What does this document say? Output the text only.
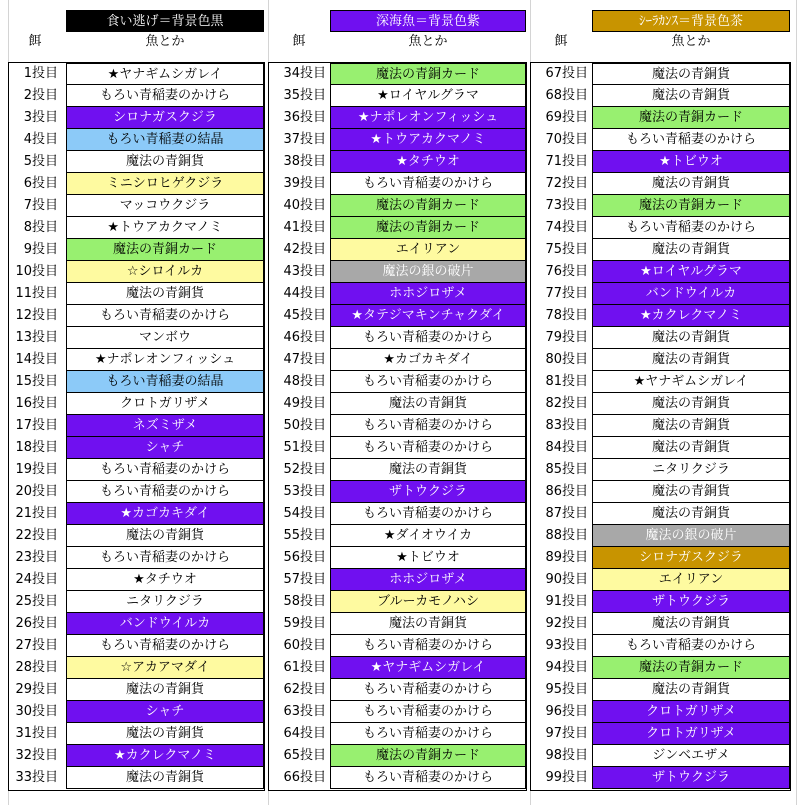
食い逃げ＝背景色黒
餌	魚とか
1投目	★ヤナギムシガレイ
2投目	もろい青稲妻のかけら
3投目	シロナガスクジラ
4投目	もろい青稲妻の結晶
5投目	魔法の青銅貨
6投目	ミニシロヒゲクジラ
7投目	マッコウクジラ
8投目	★トウアカクマノミ
9投目	魔法の青銅カード
10投目	☆シロイルカ
11投目	魔法の青銅貨
12投目	もろい青稲妻のかけら
13投目	マンボウ
14投目	★ナポレオンフィッシュ
15投目	もろい青稲妻の結晶
16投目	クロトガリザメ
17投目	ネズミザメ
18投目	シャチ
19投目	もろい青稲妻のかけら
20投目	もろい青稲妻のかけら
21投目	★カゴカキダイ
22投目	魔法の青銅貨
23投目	もろい青稲妻のかけら
24投目	★タチウオ
25投目	ニタリクジラ
26投目	バンドウイルカ
27投目	もろい青稲妻のかけら
28投目	☆アカアマダイ
29投目	魔法の青銅貨
30投目	シャチ
31投目	魔法の青銅貨
32投目	★カクレクマノミ
33投目	魔法の青銅貨
深海魚＝背景色紫
餌	魚とか
34投目	魔法の青銅カード
35投目	★ロイヤルグラマ
36投目	★ナポレオンフィッシュ
37投目	★トウアカクマノミ
38投目	★タチウオ
39投目	もろい青稲妻のかけら
40投目	魔法の青銅カード
41投目	魔法の青銅カード
42投目	エイリアン
43投目	魔法の銀の破片
44投目	ホホジロザメ
45投目	★タテジマキンチャクダイ
46投目	もろい青稲妻のかけら
47投目	★カゴカキダイ
48投目	もろい青稲妻のかけら
49投目	魔法の青銅貨
50投目	もろい青稲妻のかけら
51投目	もろい青稲妻のかけら
52投目	魔法の青銅貨
53投目	ザトウクジラ
54投目	もろい青稲妻のかけら
55投目	★ダイオウイカ
56投目	★トビウオ
57投目	ホホジロザメ
58投目	ブルーカモノハシ
59投目	魔法の青銅貨
60投目	もろい青稲妻のかけら
61投目	★ヤナギムシガレイ
62投目	もろい青稲妻のかけら
63投目	もろい青稲妻のかけら
64投目	もろい青稲妻のかけら
65投目	魔法の青銅カード
66投目	もろい青稲妻のかけら
ｼｰﾗｶﾝｽ＝背景色茶
餌	魚とか
67投目	魔法の青銅貨
68投目	魔法の青銅貨
69投目	魔法の青銅カード
70投目	もろい青稲妻のかけら
71投目	★トビウオ
72投目	魔法の青銅貨
73投目	魔法の青銅カード
74投目	もろい青稲妻のかけら
75投目	魔法の青銅貨
76投目	★ロイヤルグラマ
77投目	バンドウイルカ
78投目	★カクレクマノミ
79投目	魔法の青銅貨
80投目	魔法の青銅貨
81投目	★ヤナギムシガレイ
82投目	魔法の青銅貨
83投目	魔法の青銅貨
84投目	魔法の青銅貨
85投目	ニタリクジラ
86投目	魔法の青銅貨
87投目	魔法の青銅貨
88投目	魔法の銀の破片
89投目	シロナガスクジラ
90投目	エイリアン
91投目	ザトウクジラ
92投目	魔法の青銅貨
93投目	もろい青稲妻のかけら
94投目	魔法の青銅カード
95投目	魔法の青銅貨
96投目	クロトガリザメ
97投目	クロトガリザメ
98投目	ジンベエザメ
99投目	ザトウクジラ
